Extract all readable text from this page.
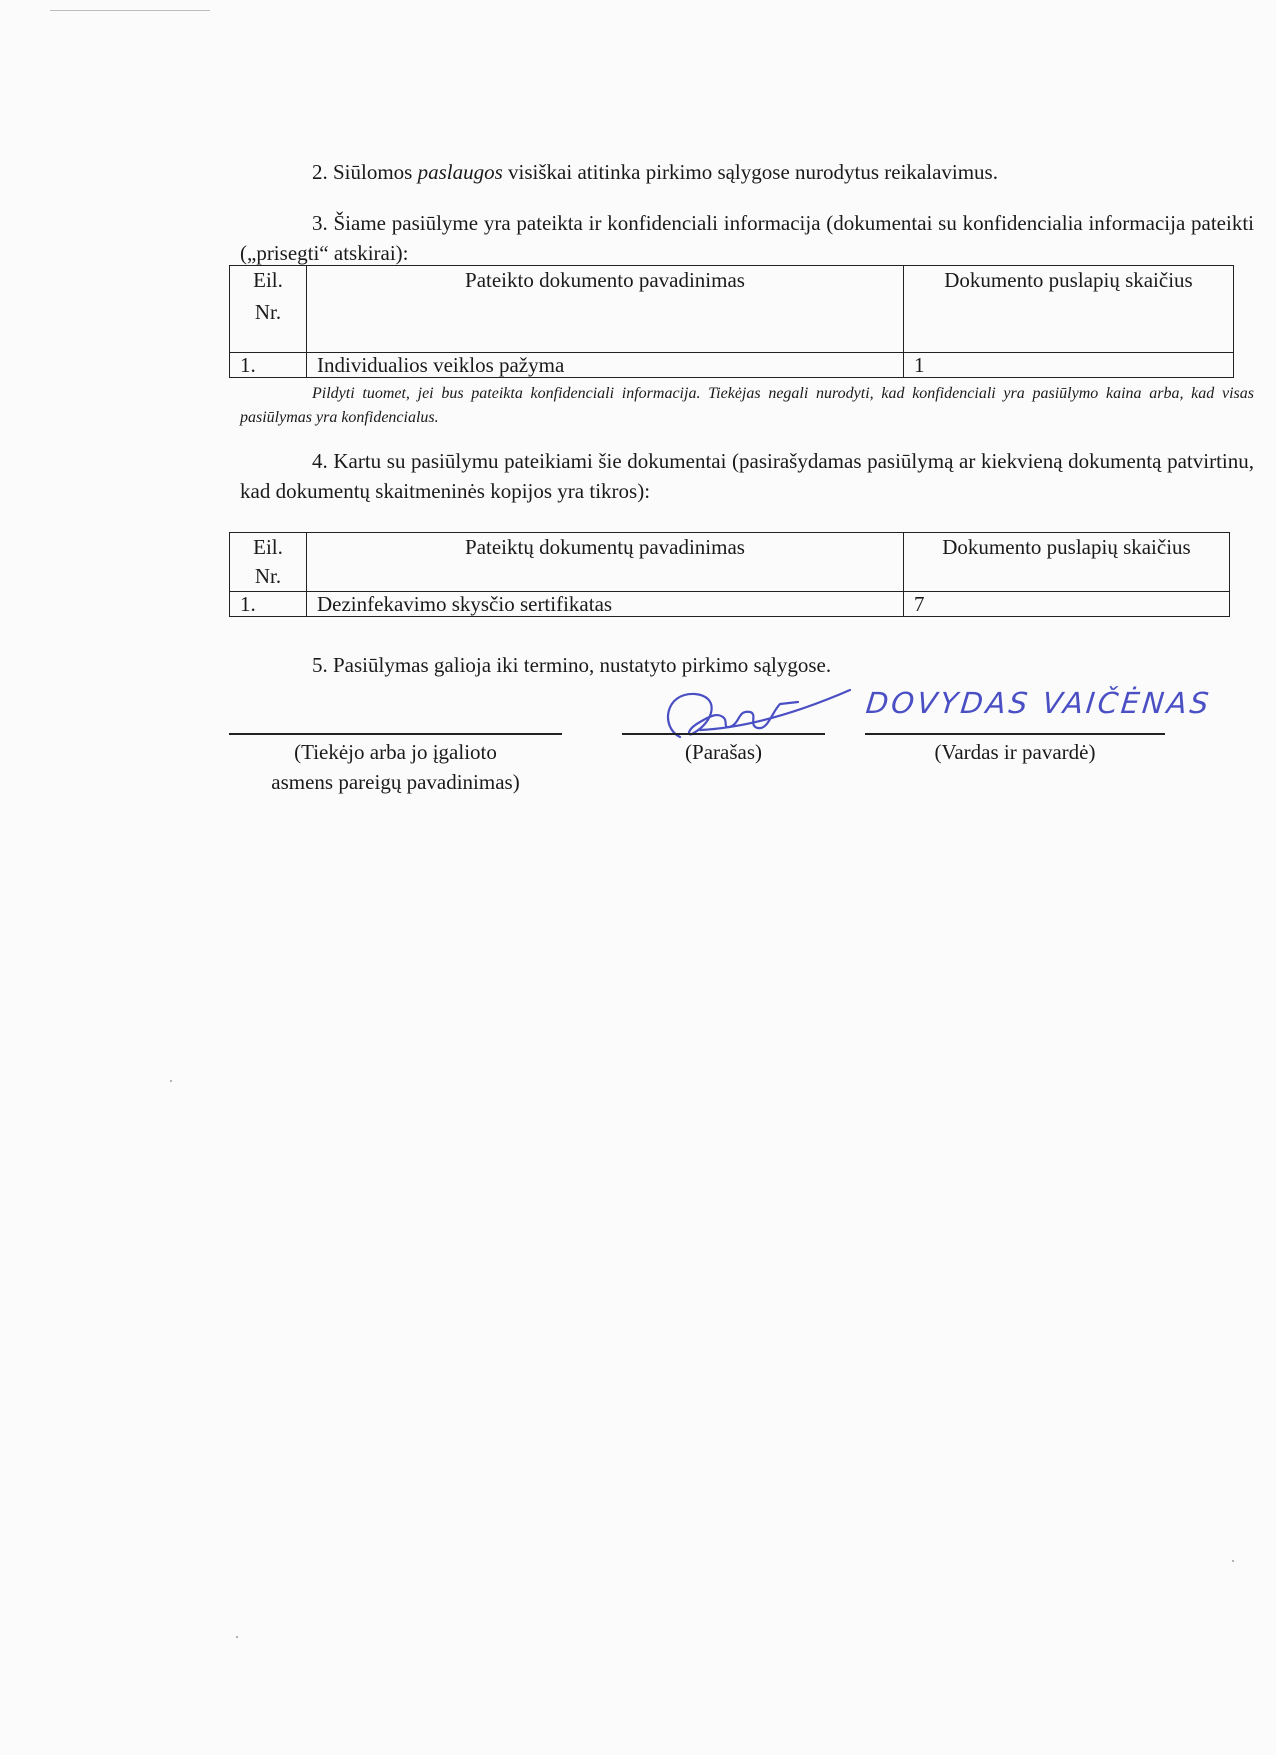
2. Siūlomos paslaugos visiškai atitinka pirkimo sąlygose nurodytus reikalavimus.

3. Šiame pasiūlyme yra pateikta ir konfidenciali informacija (dokumentai su konfidencialia informacija pateikti („prisegti“ atskirai):

Eil.
Nr.	Pateikto dokumento pavadinimas	Dokumento puslapių skaičius
1.	Individualios veiklos pažyma	1

Pildyti tuomet, jei bus pateikta konfidenciali informacija. Tiekėjas negali nurodyti, kad konfidenciali yra pasiūlymo kaina arba, kad visas pasiūlymas yra konfidencialus.

4. Kartu su pasiūlymu pateikiami šie dokumentai (pasirašydamas pasiūlymą ar kiekvieną dokumentą patvirtinu, kad dokumentų skaitmeninės kopijos yra tikros):

Eil.
Nr.	Pateiktų dokumentų pavadinimas	Dokumento puslapių skaičius
1.	Dezinfekavimo skysčio sertifikatas	7

5. Pasiūlymas galioja iki termino, nustatyto pirkimo sąlygose.

DOVYDAS VAIČĖNAS
(Tiekėjo arba jo įgalioto
asmens pareigų pavadinimas)
(Parašas)	(Vardas ir pavardė)
